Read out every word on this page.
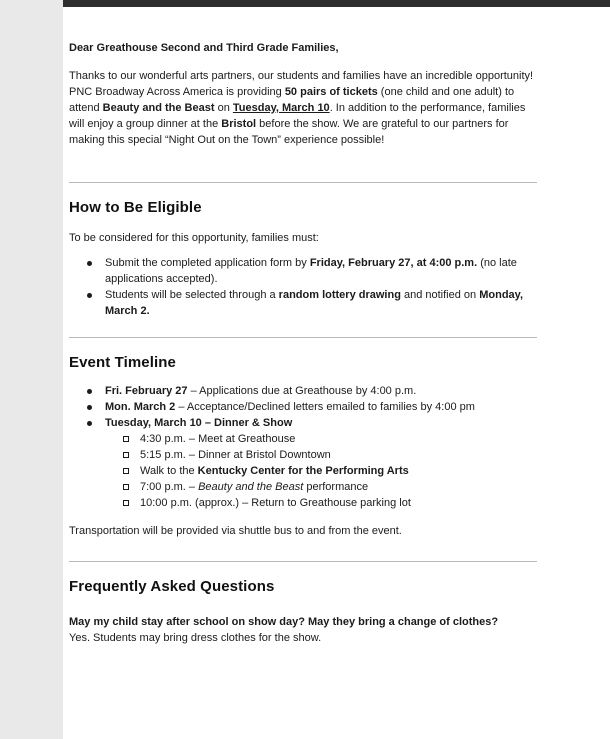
Dear Greathouse Second and Third Grade Families,

Thanks to our wonderful arts partners, our students and families have an incredible opportunity! PNC Broadway Across America is providing 50 pairs of tickets (one child and one adult) to attend Beauty and the Beast on Tuesday, March 10. In addition to the performance, families will enjoy a group dinner at the Bristol before the show. We are grateful to our partners for making this special “Night Out on the Town” experience possible!

How to Be Eligible

To be considered for this opportunity, families must:

Submit the completed application form by Friday, February 27, at 4:00 p.m. (no late applications accepted).
Students will be selected through a random lottery drawing and notified on Monday, March 2.
Event Timeline
Fri. February 27 – Applications due at Greathouse by 4:00 p.m.
Mon. March 2 – Acceptance/Declined letters emailed to families by 4:00 pm
Tuesday, March 10 – Dinner & Show
4:30 p.m. – Meet at Greathouse
5:15 p.m. – Dinner at Bristol Downtown
Walk to the Kentucky Center for the Performing Arts
7:00 p.m. – Beauty and the Beast performance
10:00 p.m. (approx.) – Return to Greathouse parking lot

Transportation will be provided via shuttle bus to and from the event.

Frequently Asked Questions

May my child stay after school on show day? May they bring a change of clothes?

Yes. Students may bring dress clothes for the show.
